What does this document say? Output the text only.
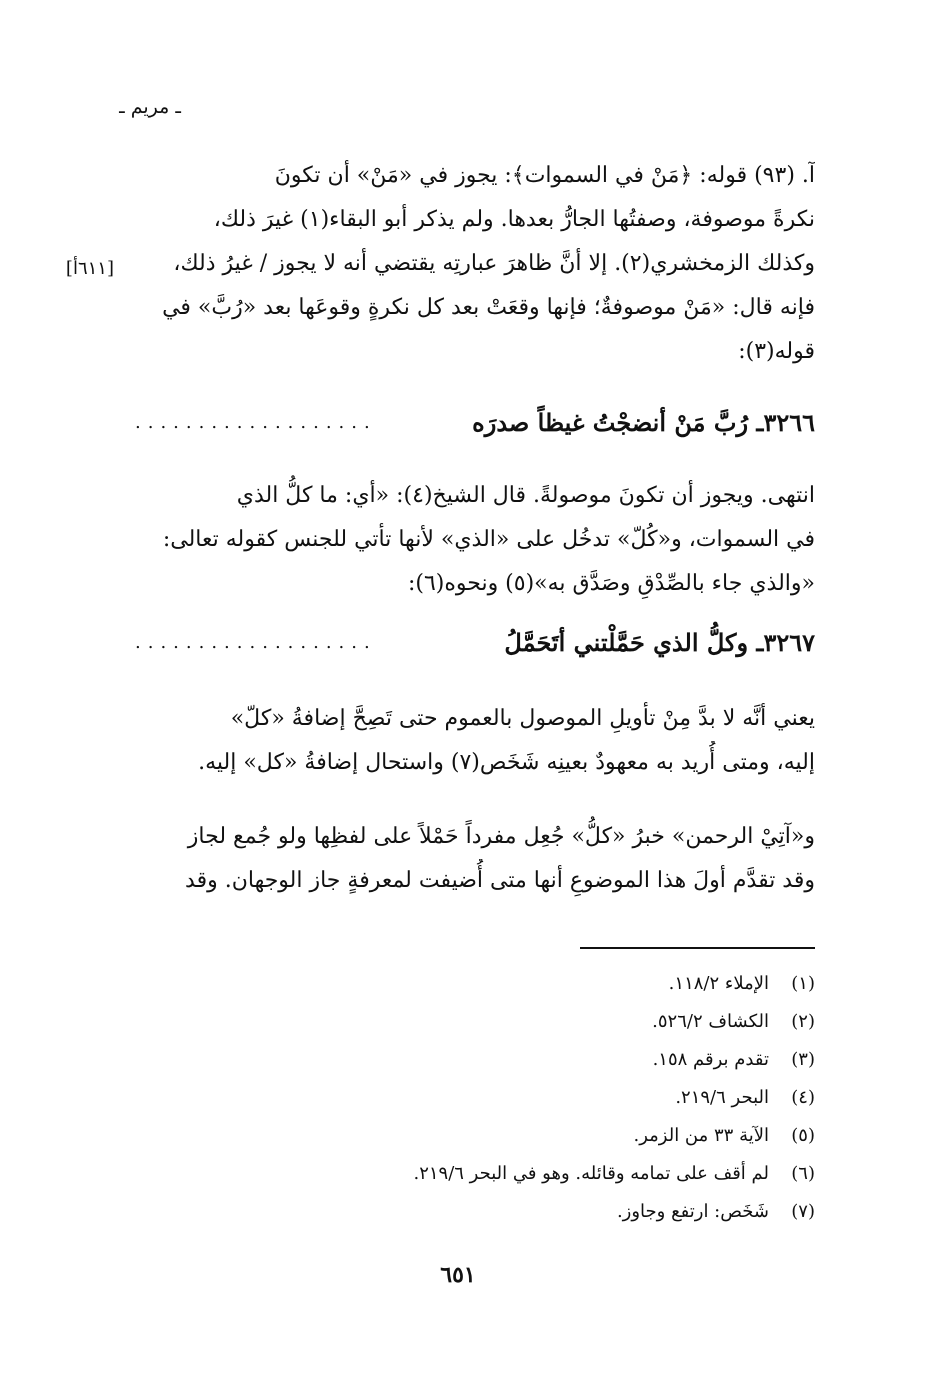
ـ مريم ـ
[٦١١أ]
آ. (٩٣) قوله: ﴿مَنْ في السموات﴾: يجوز في «مَنْ» أن تكونَ
نكرةً موصوفة، وصفتُها الجارُّ بعدها. ولم يذكر أبو البقاء(١) غيرَ ذلك،
وكذلك الزمخشري(٢). إلا أنَّ ظاهرَ عبارتِه يقتضي أنه لا يجوز / غيرُ ذلك،
فإنه قال: «مَنْ موصوفةٌ؛ فإنها وقعَتْ بعد كل نكرةٍ وقوعَها بعد «رُبَّ» في
قوله(٣):
٣٢٦٦ـ رُبَّ مَنْ أنضجْتُ غيظاً صدرَه
...................
انتهى. ويجوز أن تكونَ موصولةً. قال الشيخ(٤): «أي: ما كلُّ الذي
في السموات، و«كُلّ» تدخُل على «الذي» لأنها تأتي للجنس كقوله تعالى:
«والذي جاء بالصِّدْقِ وصَدَّق به»(٥) ونحوه(٦):
٣٢٦٧ـ وكلُّ الذي حَمَّلْتني أتَحَمَّلُ
...................
يعني أنَّه لا بدَّ مِنْ تأويلِ الموصول بالعموم حتى تَصِحَّ إضافةُ «كلّ»
إليه، ومتى أُريد به معهودٌ بعينِه شَخَص(٧) واستحال إضافةُ «كل» إليه.
و«آتِيْ الرحمن» خبرُ «كلُّ» جُعِل مفرداً حَمْلاً على لفظِها ولو جُمع لجاز
وقد تقدَّم أولَ هذا الموضوعِ أنها متى أُضيفت لمعرفةٍ جاز الوجهان. وقد
(١)الإملاء ١١٨/٢.
(٢)الكشاف ٥٢٦/٢.
(٣)تقدم برقم ١٥٨.
(٤)البحر ٢١٩/٦.
(٥)الآية ٣٣ من الزمر.
(٦)لم أقف على تمامه وقائله. وهو في البحر ٢١٩/٦.
(٧)شَخَص: ارتفع وجاوز.
٦٥١
